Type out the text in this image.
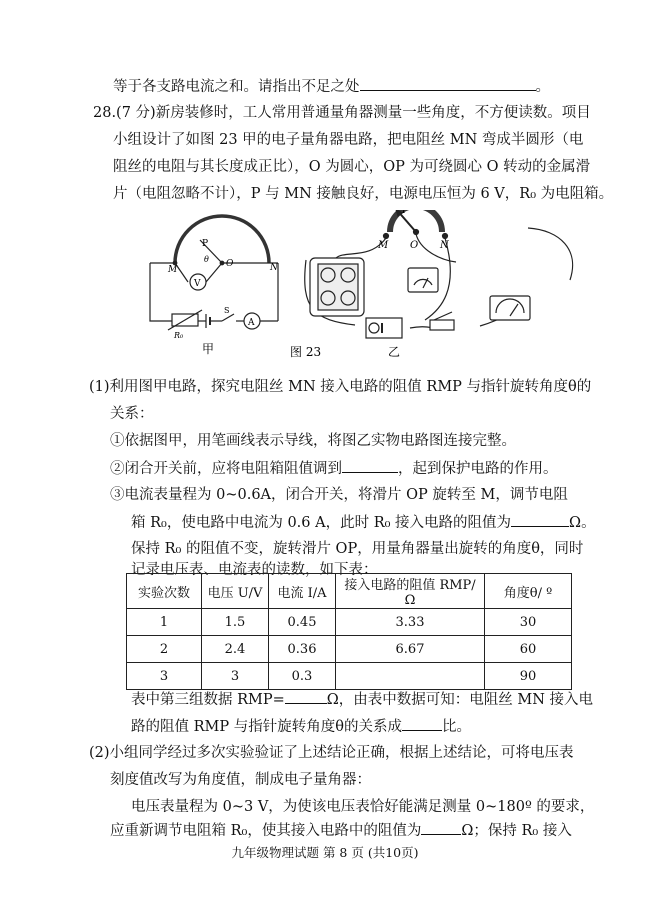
等于各支路电流之和。请指出不足之处	。
28.(7 分)新房装修时，工人常用普通量角器测量一些角度，不方便读数。项目
小组设计了如图 23 甲的电子量角器电路，把电阻丝 MN 弯成半圆形（电
阻丝的电阻与其长度成正比），O 为圆心，OP 为可绕圆心 O 转动的金属滑
片（电阻忽略不计），P 与 MN 接触良好，电源电压恒为 6 V，R₀ 为电阻箱。
P
θ O
M	N
V
A
S
R₀
甲
P
M O N
乙
图 23
(1)利用图甲电路，探究电阻丝 MN 接入电路的阻值 RMP 与指针旋转角度θ的
关系：
①依据图甲，用笔画线表示导线，将图乙实物电路图连接完整。
②闭合开关前，应将电阻箱阻值调到	，起到保护电路的作用。
③电流表量程为 0~0.6A，闭合开关，将滑片 OP 旋转至 M，调节电阻
箱 R₀，使电路中电流为 0.6 A，此时 R₀ 接入电路的阻值为	Ω。
保持 R₀ 的阻值不变，旋转滑片 OP，用量角器量出旋转的角度θ，同时
记录电压表、电流表的读数，如下表：
实验次数	电压 U/V	电流 I/A	接入电路的阻值 RMP/Ω	角度θ/ º
1	1.5	0.45	3.33	30
2	2.4	0.36	6.67	60
3	3	0.3		90
表中第三组数据 RMP=	Ω，由表中数据可知：电阻丝 MN 接入电
路的阻值 RMP 与指针旋转角度θ的关系成	比。
(2)小组同学经过多次实验验证了上述结论正确，根据上述结论，可将电压表
刻度值改写为角度值，制成电子量角器：
电压表量程为 0~3 V，为使该电压表恰好能满足测量 0~180º 的要求，
应重新调节电阻箱 R₀，使其接入电路中的阻值为	Ω；保持 R₀ 接入
九年级物理试题 第 8 页 (共10页)
